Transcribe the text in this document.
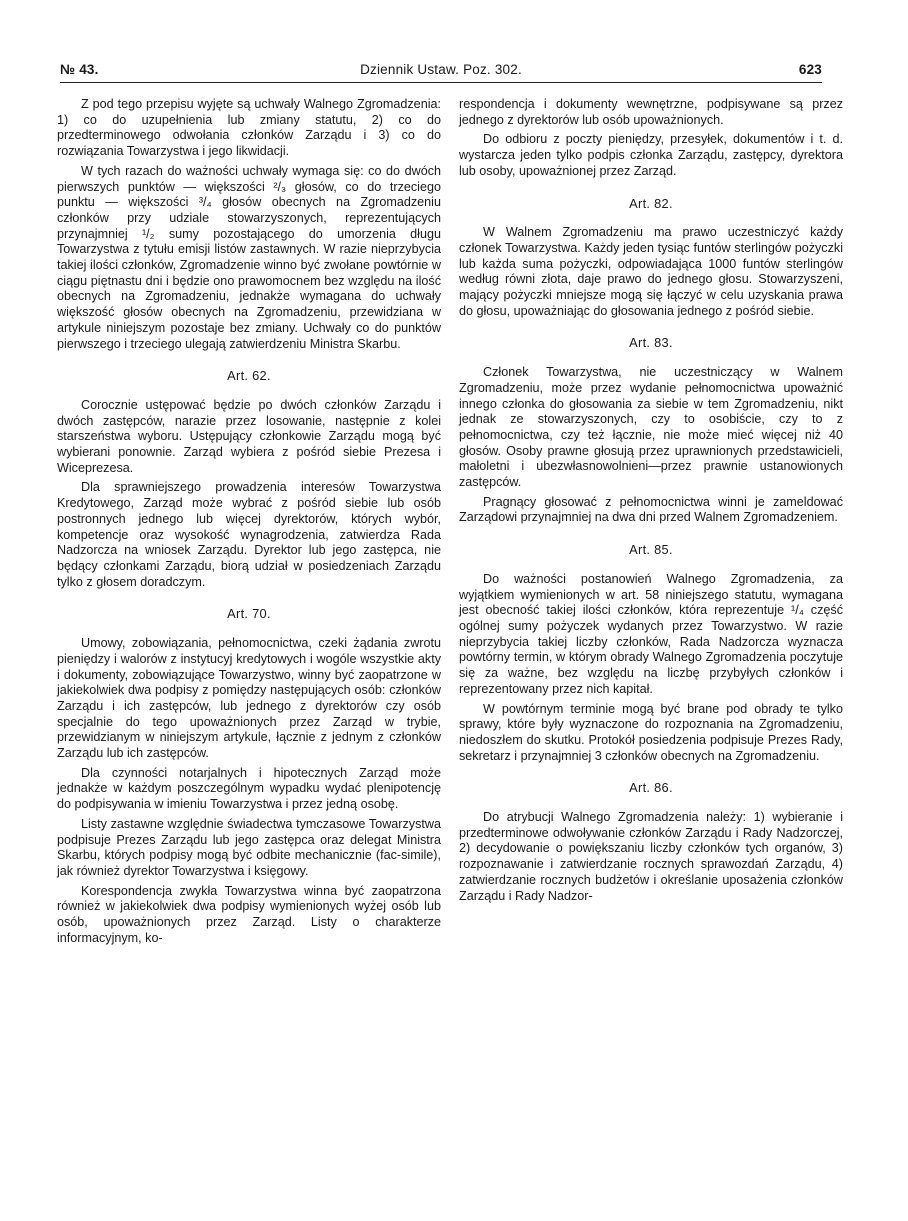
№ 43.	Dziennik Ustaw. Poz. 302.	623

Z pod tego przepisu wyjęte są uchwały Walnego Zgromadzenia: 1) co do uzupełnienia lub zmiany statutu, 2) co do przedterminowego odwołania członków Zarządu i 3) co do rozwiązania Towarzystwa i jego likwidacji.

W tych razach do ważności uchwały wymaga się: co do dwóch pierwszych punktów — większości ²/₃ głosów, co do trzeciego punktu — większości ³/₄ głosów obecnych na Zgromadzeniu członków przy udziale stowarzyszonych, reprezentujących przynajmniej ¹/₂ sumy pozostającego do umorzenia długu Towarzystwa z tytułu emisji listów zastawnych. W razie nieprzybycia takiej ilości członków, Zgromadzenie winno być zwołane powtórnie w ciągu piętnastu dni i będzie ono prawomocnem bez względu na ilość obecnych na Zgromadzeniu, jednakże wymagana do uchwały większość głosów obecnych na Zgromadzeniu, przewidziana w artykule niniejszym pozostaje bez zmiany. Uchwały co do punktów pierwszego i trzeciego ulegają zatwierdzeniu Ministra Skarbu.

Art. 62.

Corocznie ustępować będzie po dwóch członków Zarządu i dwóch zastępców, narazie przez losowanie, następnie z kolei starszeństwa wyboru. Ustępujący członkowie Zarządu mogą być wybierani ponownie. Zarząd wybiera z pośród siebie Prezesa i Wiceprezesa.

Dla sprawniejszego prowadzenia interesów Towarzystwa Kredytowego, Zarząd może wybrać z pośród siebie lub osób postronnych jednego lub więcej dyrektorów, których wybór, kompetencje oraz wysokość wynagrodzenia, zatwierdza Rada Nadzorcza na wniosek Zarządu. Dyrektor lub jego zastępca, nie będący członkami Zarządu, biorą udział w posiedzeniach Zarządu tylko z głosem doradczym.

Art. 70.

Umowy, zobowiązania, pełnomocnictwa, czeki żądania zwrotu pieniędzy i walorów z instytucyj kredytowych i wogóle wszystkie akty i dokumenty, zobowiązujące Towarzystwo, winny być zaopatrzone w jakiekolwiek dwa podpisy z pomiędzy następujących osób: członków Zarządu i ich zastępców, lub jednego z dyrektorów czy osób specjalnie do tego upoważnionych przez Zarząd w trybie, przewidzianym w niniejszym artykule, łącznie z jednym z członków Zarządu lub ich zastępców.

Dla czynności notarjalnych i hipotecznych Zarząd może jednakże w każdym poszczególnym wypadku wydać plenipotencję do podpisywania w imieniu Towarzystwa i przez jedną osobę.

Listy zastawne względnie świadectwa tymczasowe Towarzystwa podpisuje Prezes Zarządu lub jego zastępca oraz delegat Ministra Skarbu, których podpisy mogą być odbite mechanicznie (fac-simile), jak również dyrektor Towarzystwa i księgowy.

Korespondencja zwykła Towarzystwa winna być zaopatrzona również w jakiekolwiek dwa podpisy wymienionych wyżej osób lub osób, upoważnionych przez Zarząd. Listy o charakterze informacyjnym, ko-

respondencja i dokumenty wewnętrzne, podpisywane są przez jednego z dyrektorów lub osób upoważnionych.

Do odbioru z poczty pieniędzy, przesyłek, dokumentów i t. d. wystarcza jeden tylko podpis członka Zarządu, zastępcy, dyrektora lub osoby, upoważnionej przez Zarząd.

Art. 82.

W Walnem Zgromadzeniu ma prawo uczestniczyć każdy członek Towarzystwa. Każdy jeden tysiąc funtów sterlingów pożyczki lub każda suma pożyczki, odpowiadająca 1000 funtów sterlingów według równi złota, daje prawo do jednego głosu. Stowarzyszeni, mający pożyczki mniejsze mogą się łączyć w celu uzyskania prawa do głosu, upoważniając do głosowania jednego z pośród siebie.

Art. 83.

Członek Towarzystwa, nie uczestniczący w Walnem Zgromadzeniu, może przez wydanie pełnomocnictwa upoważnić innego członka do głosowania za siebie w tem Zgromadzeniu, nikt jednak ze stowarzyszonych, czy to osobiście, czy to z pełnomocnictwa, czy też łącznie, nie może mieć więcej niż 40 głosów. Osoby prawne głosują przez uprawnionych przedstawicieli, małoletni i ubezwłasnowolnieni—przez prawnie ustanowionych zastępców.

Pragnący głosować z pełnomocnictwa winni je zameldować Zarządowi przynajmniej na dwa dni przed Walnem Zgromadzeniem.

Art. 85.

Do ważności postanowień Walnego Zgromadzenia, za wyjątkiem wymienionych w art. 58 niniejszego statutu, wymagana jest obecność takiej ilości członków, która reprezentuje ¹/₄ część ogólnej sumy pożyczek wydanych przez Towarzystwo. W razie nieprzybycia takiej liczby członków, Rada Nadzorcza wyznacza powtórny termin, w którym obrady Walnego Zgromadzenia poczytuje się za ważne, bez względu na liczbę przybyłych członków i reprezentowany przez nich kapitał.

W powtórnym terminie mogą być brane pod obrady te tylko sprawy, które były wyznaczone do rozpoznania na Zgromadzeniu, niedoszłem do skutku. Protokół posiedzenia podpisuje Prezes Rady, sekretarz i przynajmniej 3 członków obecnych na Zgromadzeniu.

Art. 86.

Do atrybucji Walnego Zgromadzenia należy: 1) wybieranie i przedterminowe odwoływanie członków Zarządu i Rady Nadzorczej, 2) decydowanie o powiększaniu liczby członków tych organów, 3) rozpoznawanie i zatwierdzanie rocznych sprawozdań Zarządu, 4) zatwierdzanie rocznych budżetów i określanie uposażenia członków Zarządu i Rady Nadzor-
